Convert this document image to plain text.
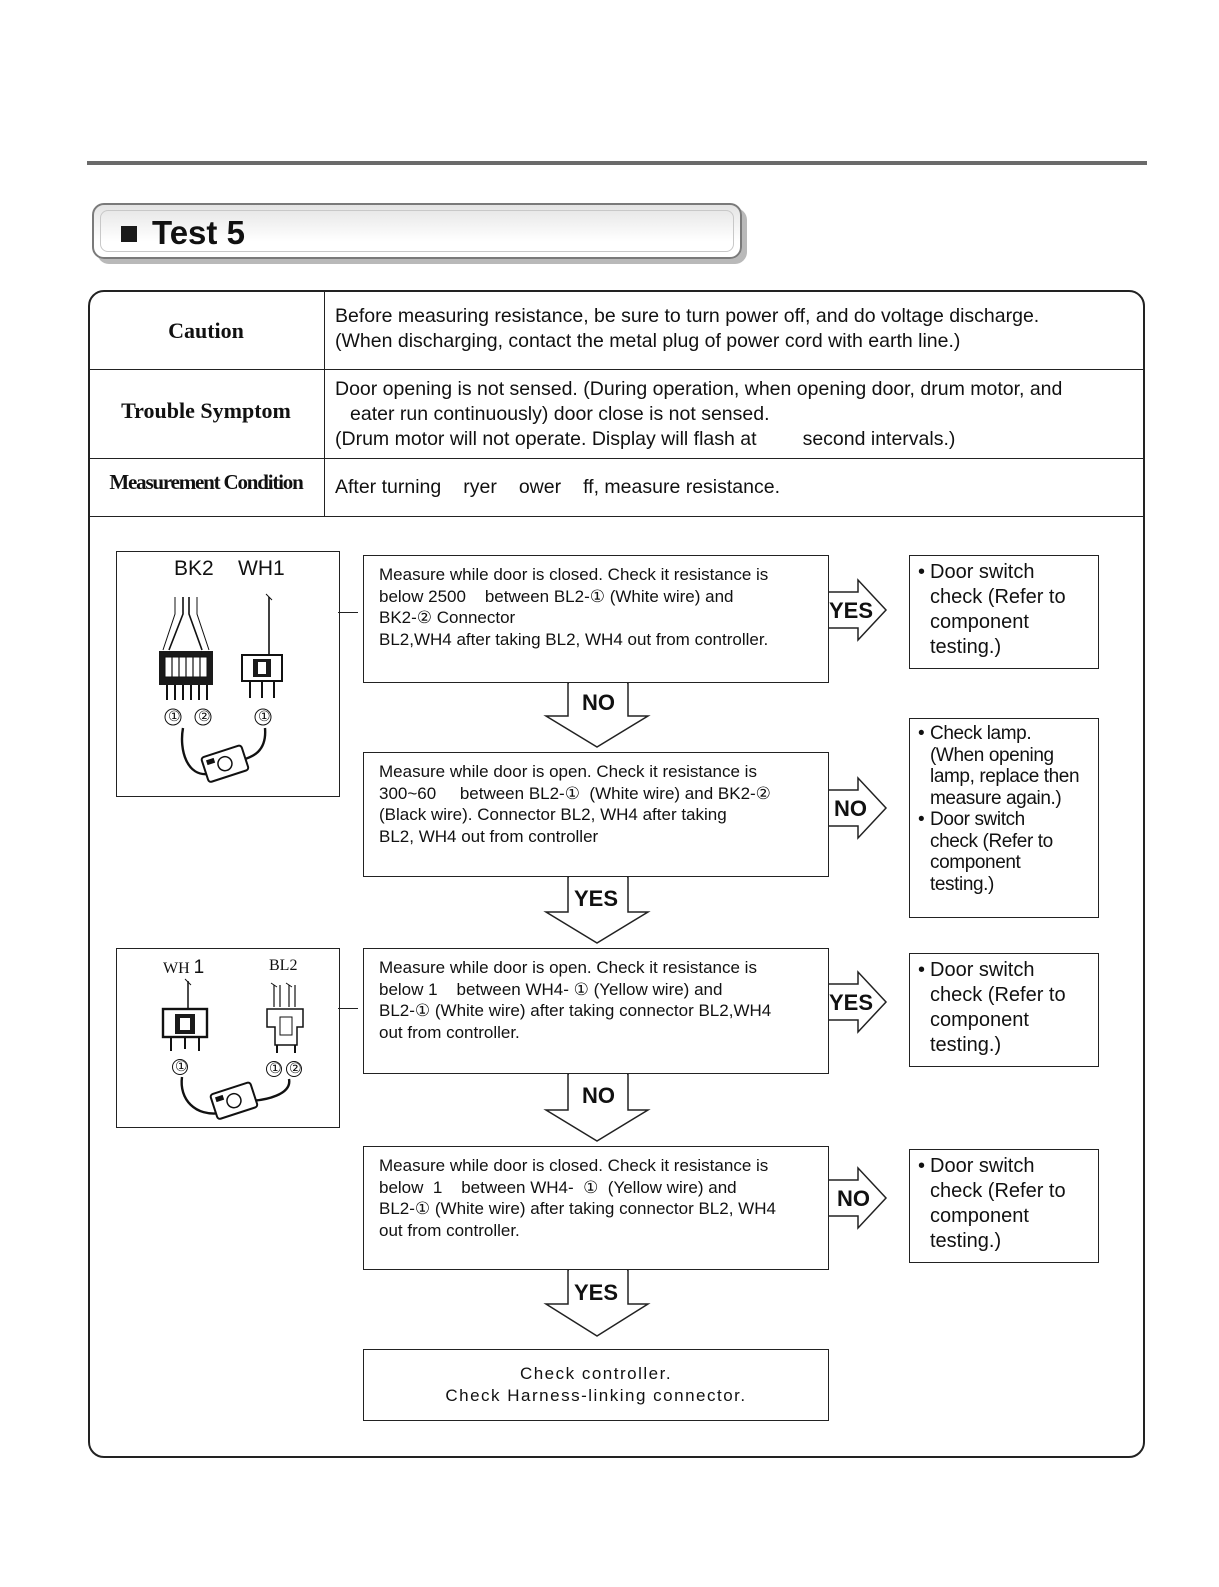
Test 5
Caution
Before measuring resistance, be sure to turn power off, and do voltage discharge.
(When discharging, contact the metal plug of power cord with earth line.)
Trouble Symptom
Door opening is not sensed. (During operation, when opening door, drum motor, and
eater run continuously) door close is not sensed.
(Drum motor will not operate. Display will flash at second intervals.)
Measurement Condition	After turning ryer ower ff, measure resistance.
BK2 WH1
① ②	①
WH 1	BL2
①	① ②
Measure while door is closed. Check it resistance is
below 2500    between BL2-① (White wire) and
BK2-② Connector
BL2,WH4 after taking BL2, WH4 out from controller.
YES
NO
• Door switch
check (Refer to
component
testing.)
Measure while door is open. Check it resistance is
300~60     between BL2-①  (White wire) and BK2-②
(Black wire). Connector BL2, WH4 after taking
BL2, WH4 out from controller
NO
YES
• Check lamp.
(When opening
lamp, replace then
measure again.)
• Door switch
check (Refer to
component
testing.)
Measure while door is open. Check it resistance is
below 1    between WH4- ① (Yellow wire) and
BL2-① (White wire) after taking connector BL2,WH4
out from controller.
YES
NO
• Door switch
check (Refer to
component
testing.)
Measure while door is closed. Check it resistance is
below  1    between WH4-  ①  (Yellow wire) and
BL2-① (White wire) after taking connector BL2, WH4
out from controller.
NO
YES
• Door switch
check (Refer to
component
testing.)
Check controller.
Check Harness-linking connector.
